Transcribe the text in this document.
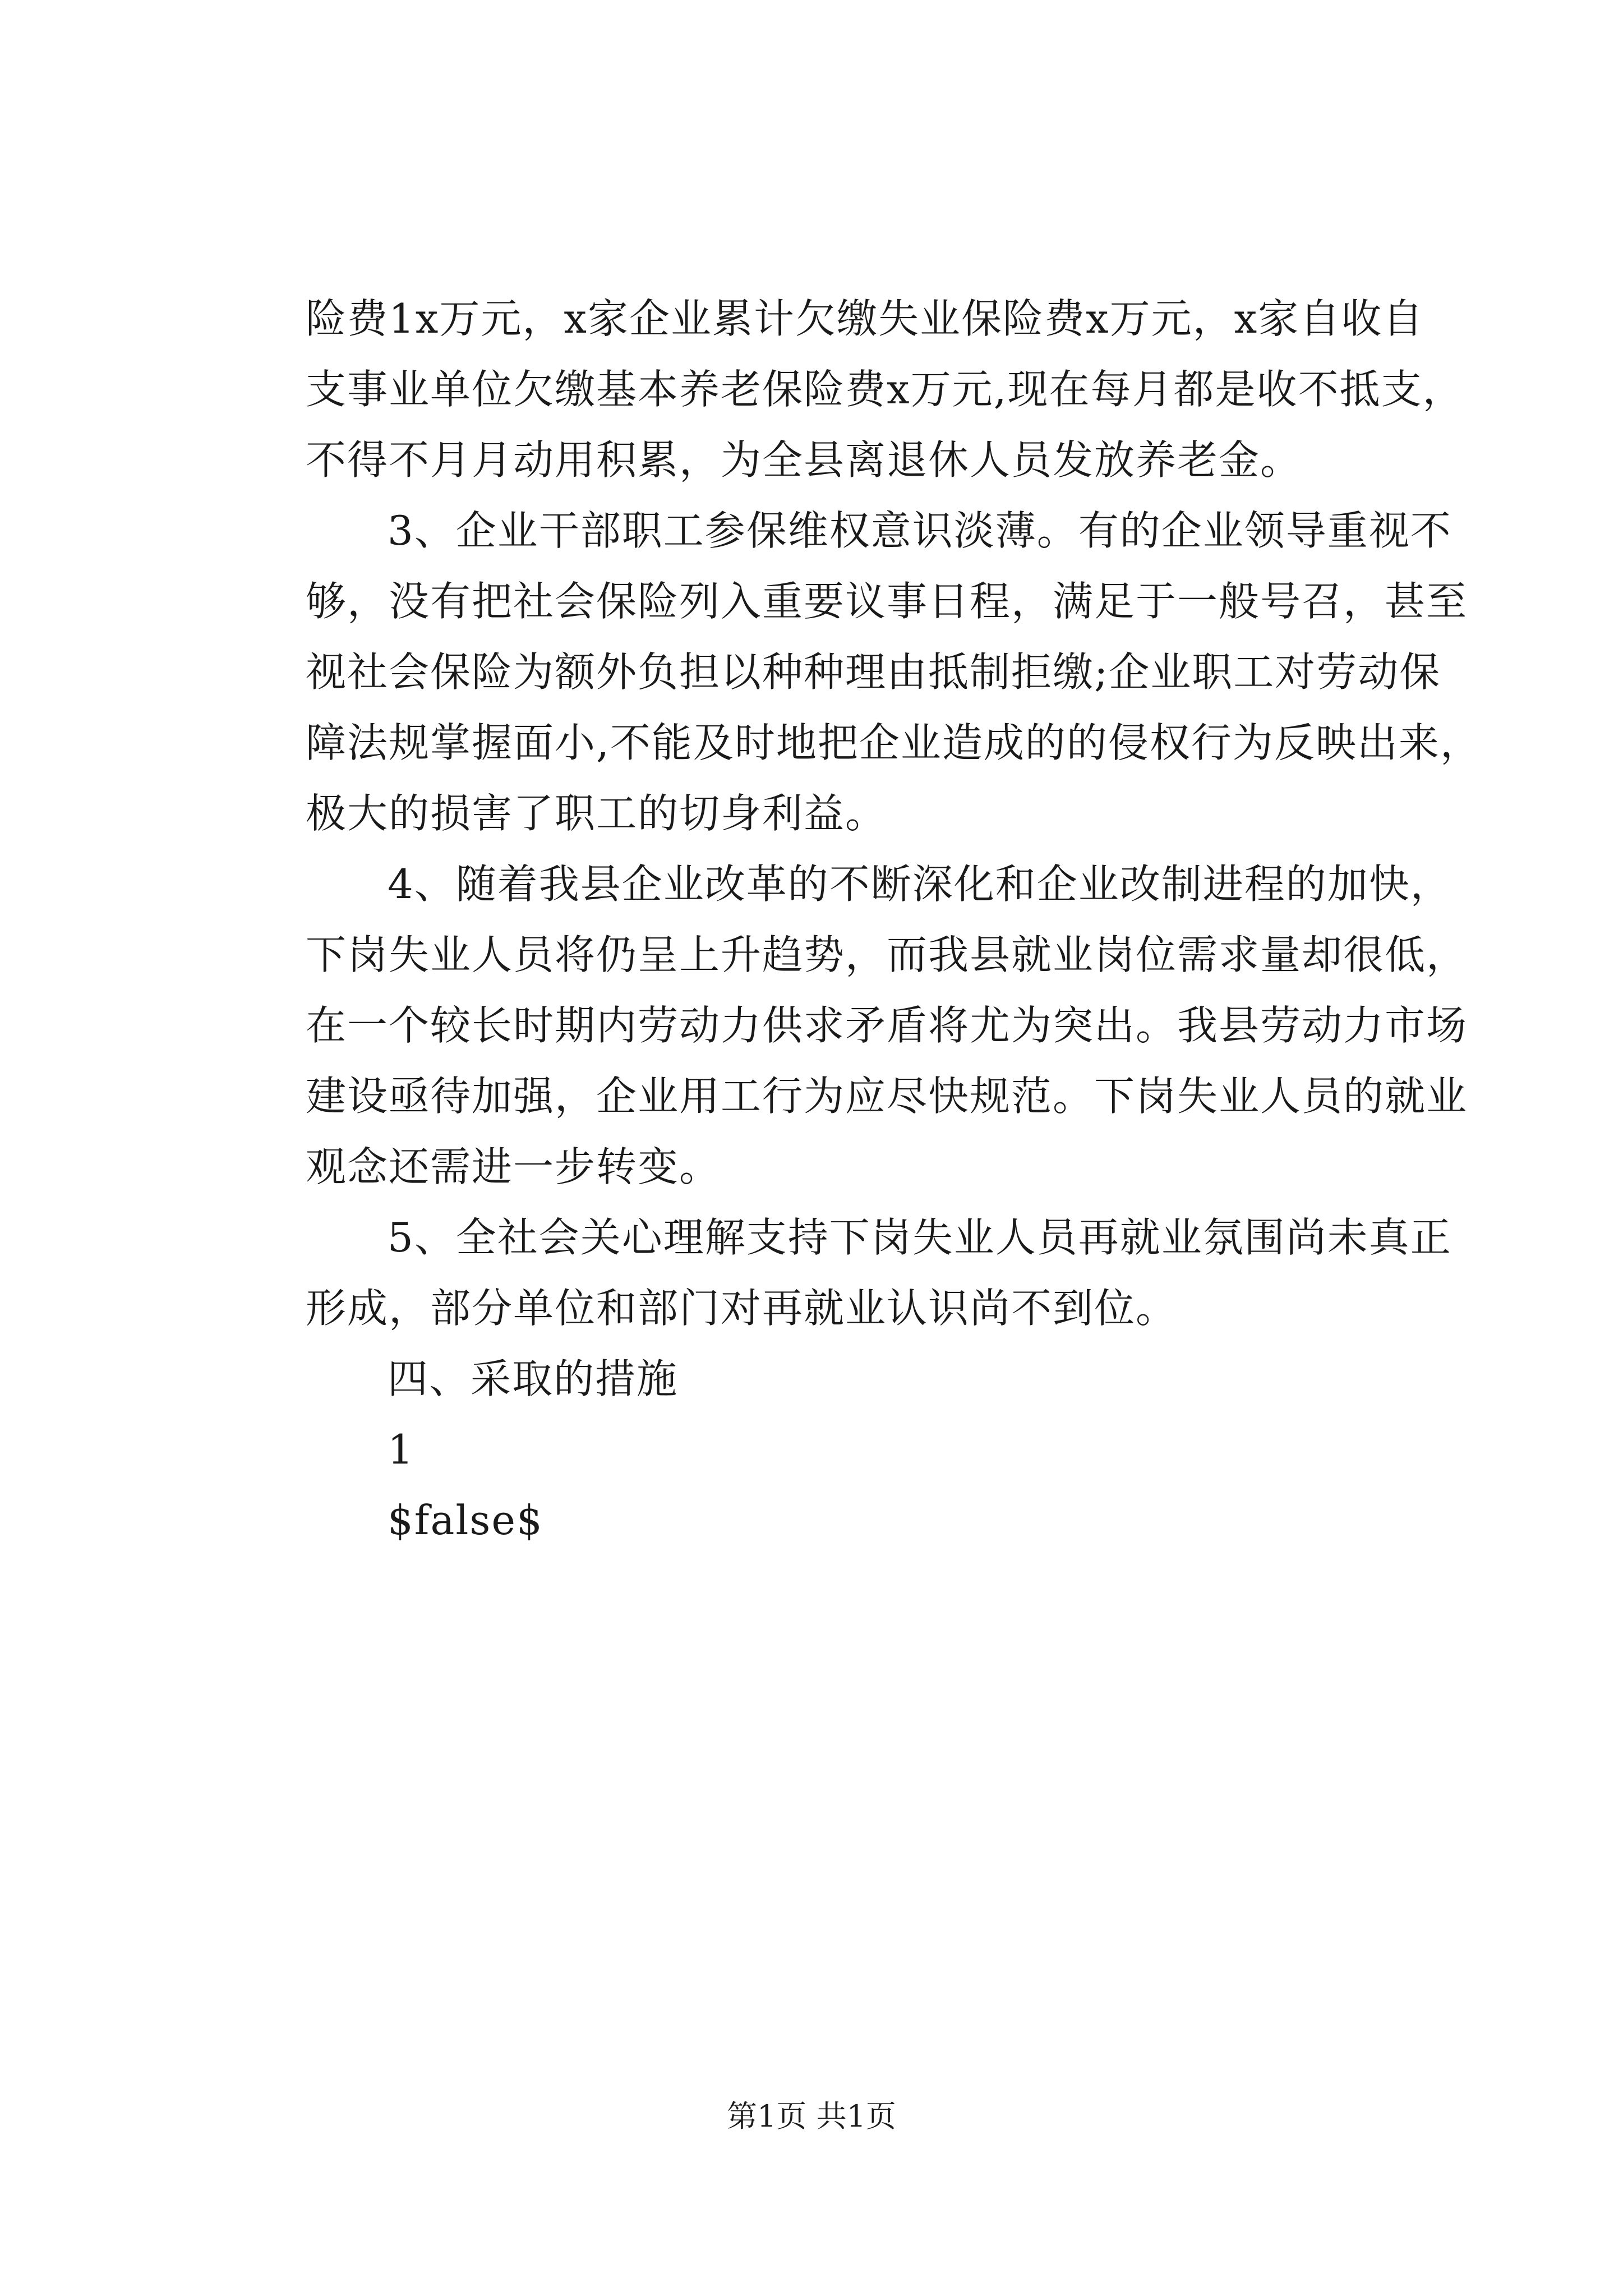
险费1x万元，x家企业累计欠缴失业保险费x万元，x家自收自
支事业单位欠缴基本养老保险费x万元,现在每月都是收不抵支，
不得不月月动用积累，为全县离退休人员发放养老金。
3、企业干部职工参保维权意识淡薄。有的企业领导重视不
够，没有把社会保险列入重要议事日程，满足于一般号召，甚至
视社会保险为额外负担以种种理由抵制拒缴;企业职工对劳动保
障法规掌握面小,不能及时地把企业造成的的侵权行为反映出来，
极大的损害了职工的切身利益。
4、随着我县企业改革的不断深化和企业改制进程的加快，
下岗失业人员将仍呈上升趋势，而我县就业岗位需求量却很低，
在一个较长时期内劳动力供求矛盾将尤为突出。我县劳动力市场
建设亟待加强，企业用工行为应尽快规范。下岗失业人员的就业
观念还需进一步转变。
5、全社会关心理解支持下岗失业人员再就业氛围尚未真正
形成，部分单位和部门对再就业认识尚不到位。
四、采取的措施
1
$false$
第1页 共1页
